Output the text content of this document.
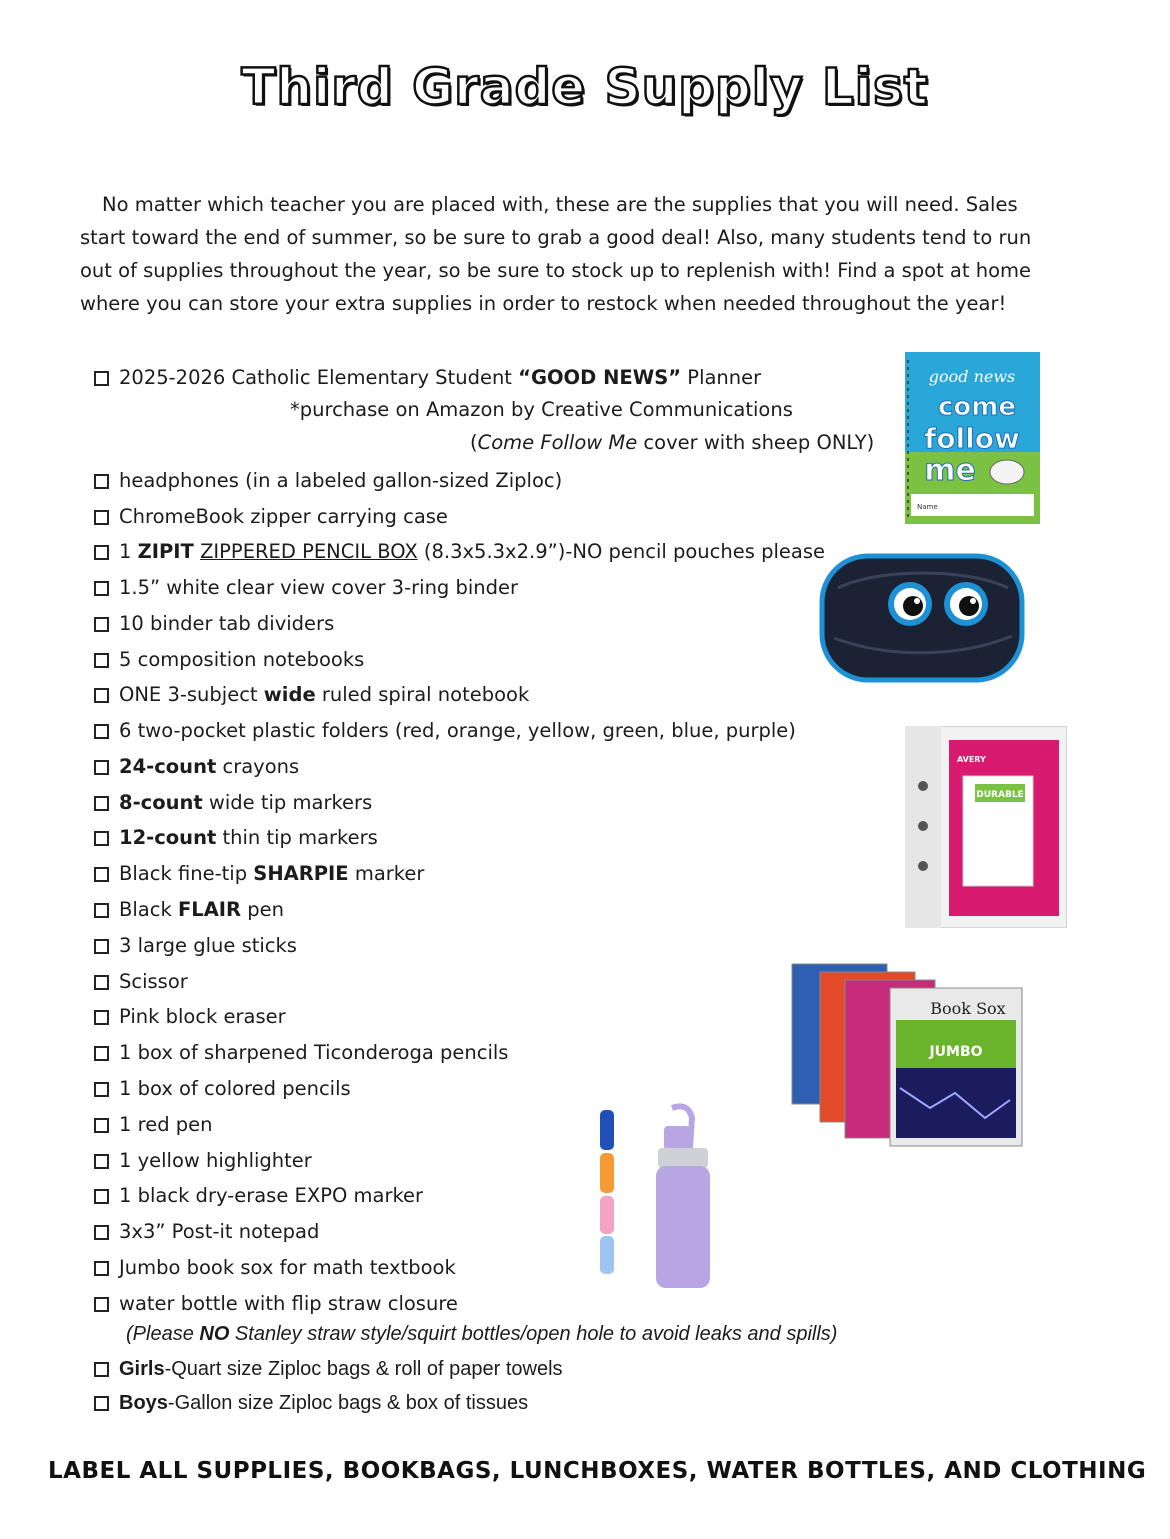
Third Grade Supply List
No matter which teacher you are placed with, these are the supplies that you will need. Sales start toward the end of summer, so be sure to grab a good deal! Also, many students tend to run out of supplies throughout the year, so be sure to stock up to replenish with! Find a spot at home where you can store your extra supplies in order to restock when needed throughout the year!
2025-2026 Catholic Elementary Student “GOOD NEWS” Planner
*purchase on Amazon by Creative Communications
(Come Follow Me cover with sheep ONLY)
headphones (in a labeled gallon-sized Ziploc)
ChromeBook zipper carrying case
1 ZIPIT ZIPPERED PENCIL BOX (8.3x5.3x2.9”)-NO pencil pouches please
1.5” white clear view cover 3-ring binder
10 binder tab dividers
5 composition notebooks
ONE 3-subject wide ruled spiral notebook
6 two-pocket plastic folders (red, orange, yellow, green, blue, purple)
24-count crayons
8-count wide tip markers
12-count thin tip markers
Black fine-tip SHARPIE marker
Black FLAIR pen
3 large glue sticks
Scissor
Pink block eraser
1 box of sharpened Ticonderoga pencils
1 box of colored pencils
1 red pen
1 yellow highlighter
1 black dry-erase EXPO marker
3x3” Post-it notepad
Jumbo book sox for math textbook
water bottle with flip straw closure
(Please NO Stanley straw style/squirt bottles/open hole to avoid leaks and spills)
Girls-Quart size Ziploc bags & roll of paper towels
Boys-Gallon size Ziploc bags & box of tissues
LABEL ALL SUPPLIES, BOOKBAGS, LUNCHBOXES, WATER BOTTLES, AND CLOTHING
good news
come
follow
me
Name
DURABLE
AVERY
Book Sox
JUMBO
